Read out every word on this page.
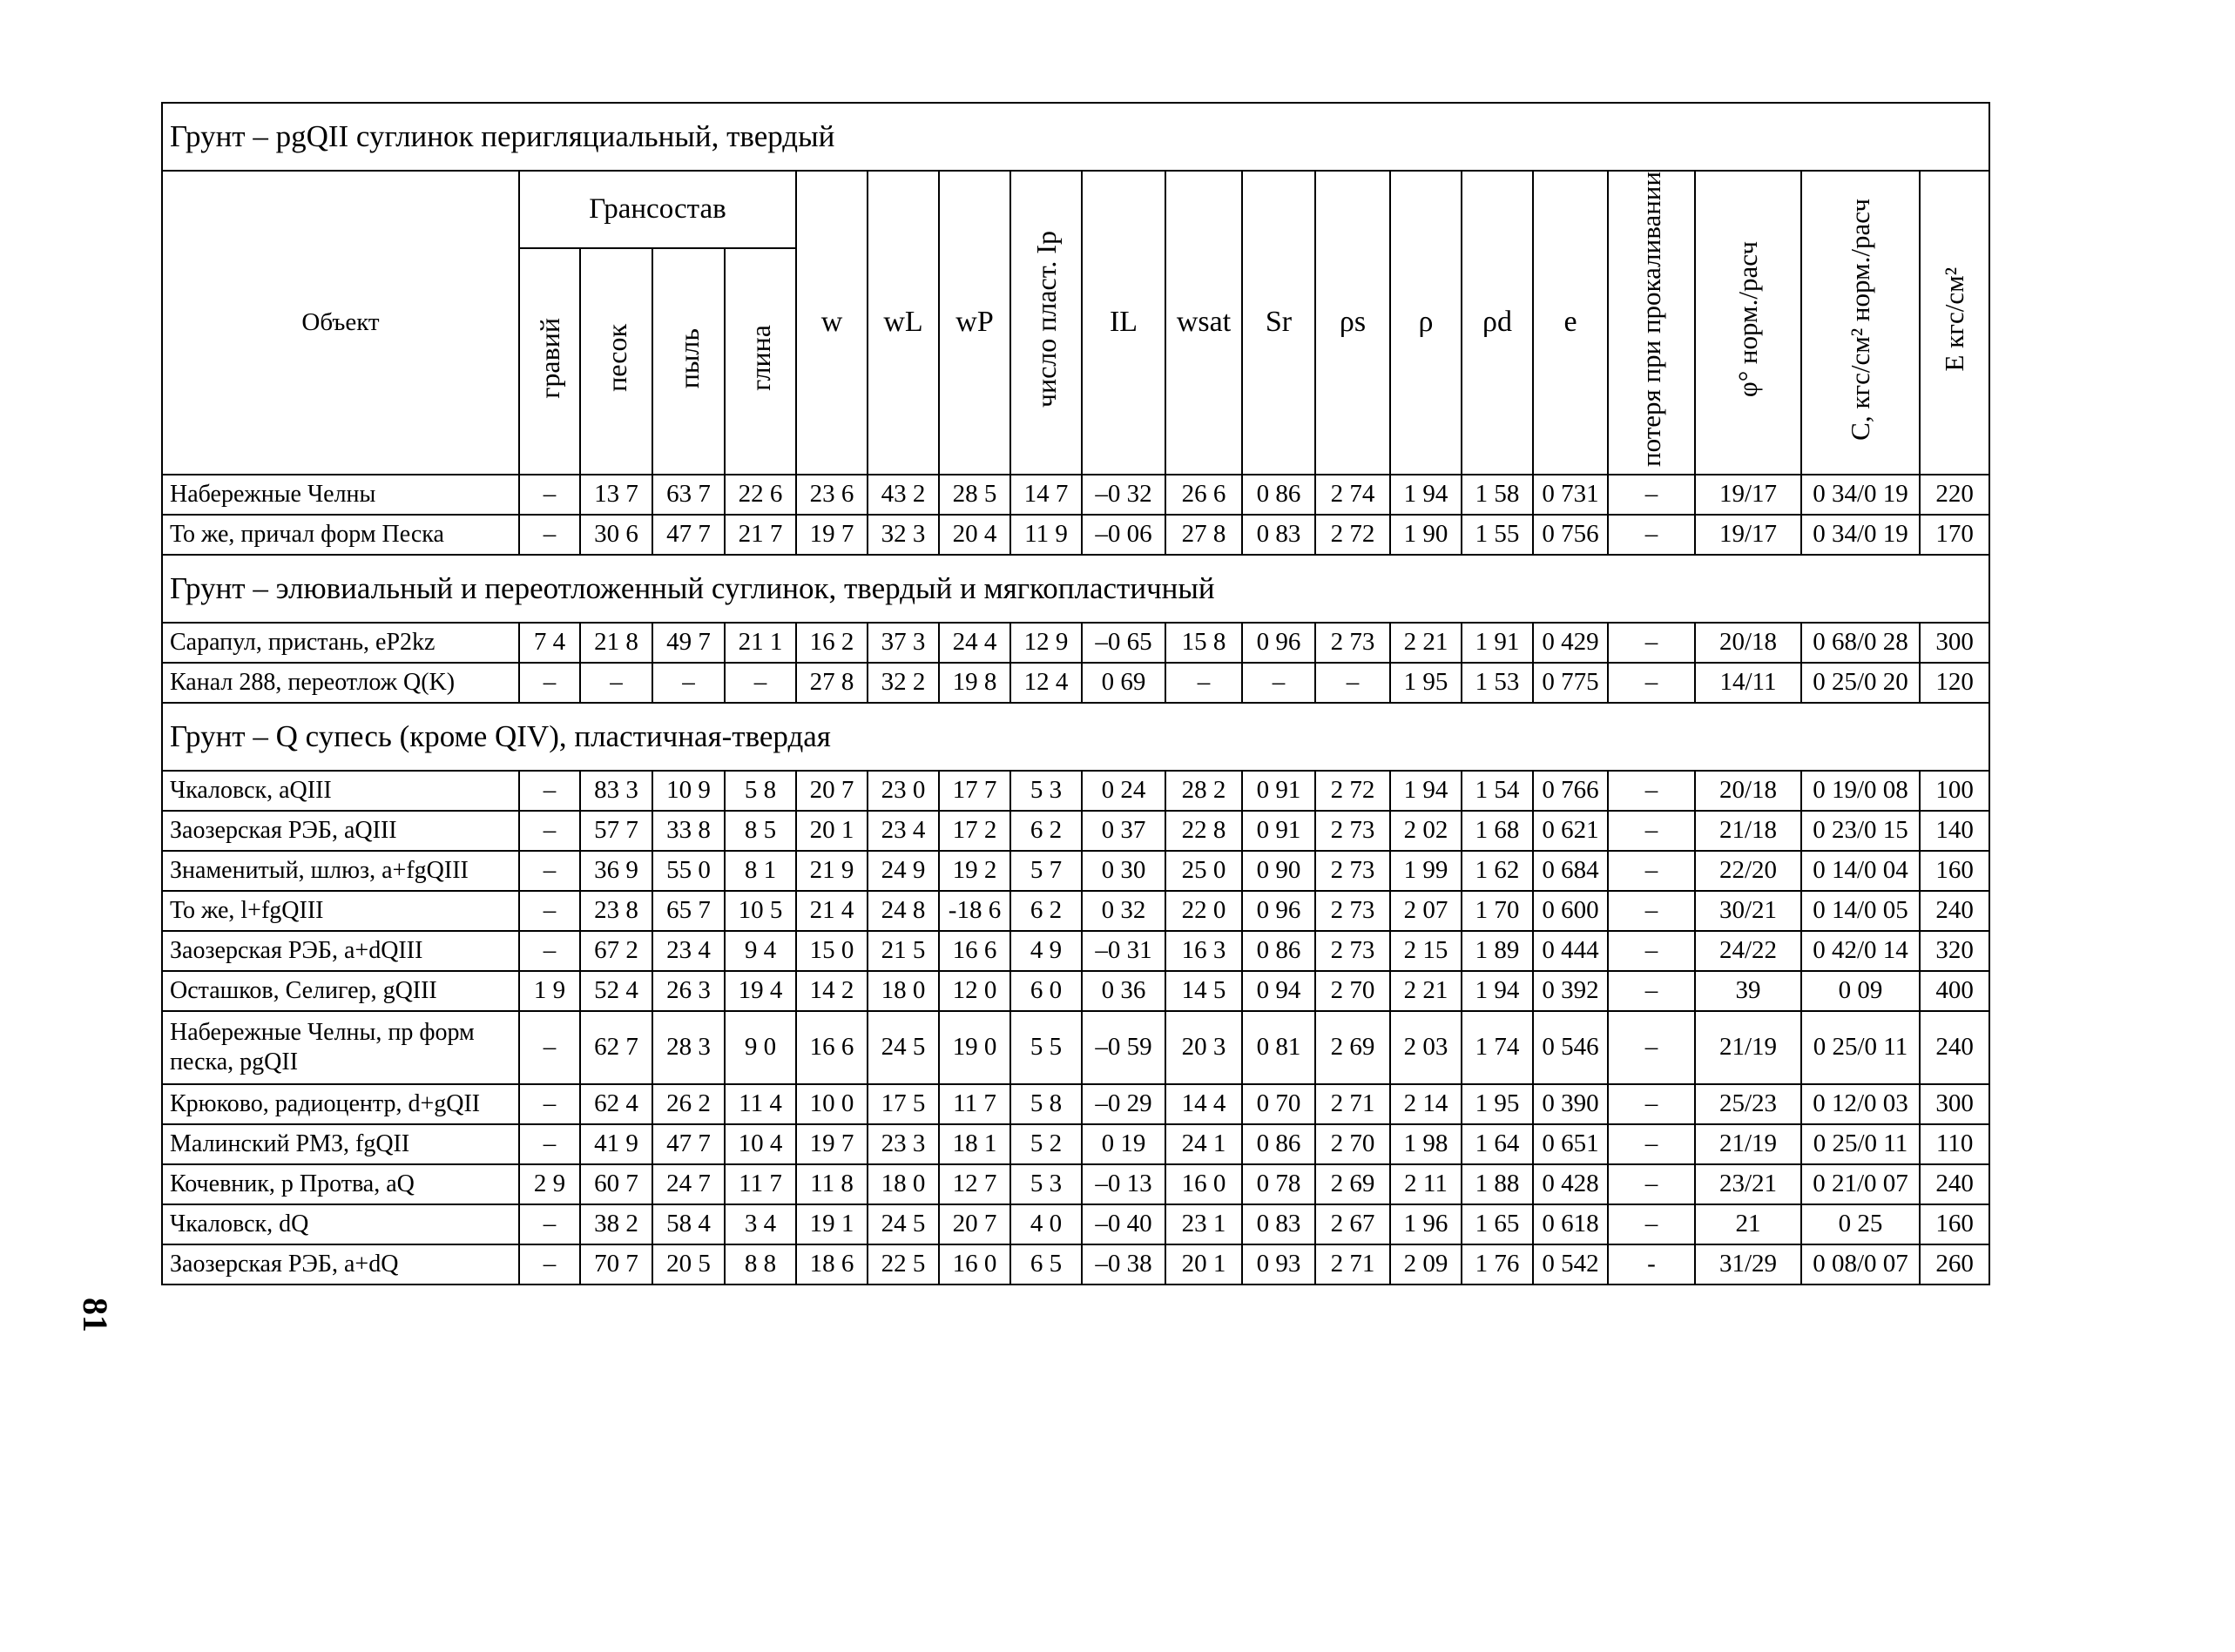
Грунт – pgQII суглинок перигляциальный, твердый																			
Объект	Грансостав				w	wL	wP	число пласт. Ip	IL	wsat	Sr	ρs	ρ	ρd	e	потеря при прокаливании	φ° норм./расч	C, кгс/см² норм./расч	E кгс/см²
	гравий	песок	пыль	глина															
Набережные Челны	–	13 7	63 7	22 6	23 6	43 2	28 5	14 7	–0 32	26 6	0 86	2 74	1 94	1 58	0 731	–	19/17	0 34/0 19	220
То же, причал форм Песка	–	30 6	47 7	21 7	19 7	32 3	20 4	11 9	–0 06	27 8	0 83	2 72	1 90	1 55	0 756	–	19/17	0 34/0 19	170
Грунт – элювиальный и переотложенный суглинок, твердый и мягкопластичный																			
Сарапул, пристань, eP2kz	7 4	21 8	49 7	21 1	16 2	37 3	24 4	12 9	–0 65	15 8	0 96	2 73	2 21	1 91	0 429	–	20/18	0 68/0 28	300
Канал 288, переотлож Q(K)	–	–	–	–	27 8	32 2	19 8	12 4	0 69	–	–	–	1 95	1 53	0 775	–	14/11	0 25/0 20	120
Грунт – Q супесь (кроме QIV), пластичная-твердая																			
Чкаловск, aQIII	–	83 3	10 9	5 8	20 7	23 0	17 7	5 3	0 24	28 2	0 91	2 72	1 94	1 54	0 766	–	20/18	0 19/0 08	100
Заозерская РЭБ, aQIII	–	57 7	33 8	8 5	20 1	23 4	17 2	6 2	0 37	22 8	0 91	2 73	2 02	1 68	0 621	–	21/18	0 23/0 15	140
Знаменитый, шлюз, a+fgQIII	–	36 9	55 0	8 1	21 9	24 9	19 2	5 7	0 30	25 0	0 90	2 73	1 99	1 62	0 684	–	22/20	0 14/0 04	160
То же, l+fgQIII	–	23 8	65 7	10 5	21 4	24 8	-18 6	6 2	0 32	22 0	0 96	2 73	2 07	1 70	0 600	–	30/21	0 14/0 05	240
Заозерская РЭБ, a+dQIII	–	67 2	23 4	9 4	15 0	21 5	16 6	4 9	–0 31	16 3	0 86	2 73	2 15	1 89	0 444	–	24/22	0 42/0 14	320
Осташков, Селигер, gQIII	1 9	52 4	26 3	19 4	14 2	18 0	12 0	6 0	0 36	14 5	0 94	2 70	2 21	1 94	0 392	–	39	0 09	400
Набережные Челны, пр форм песка, pgQII	–	62 7	28 3	9 0	16 6	24 5	19 0	5 5	–0 59	20 3	0 81	2 69	2 03	1 74	0 546	–	21/19	0 25/0 11	240
Крюково, радиоцентр, d+gQII	–	62 4	26 2	11 4	10 0	17 5	11 7	5 8	–0 29	14 4	0 70	2 71	2 14	1 95	0 390	–	25/23	0 12/0 03	300
Малинский РМЗ, fgQII	–	41 9	47 7	10 4	19 7	23 3	18 1	5 2	0 19	24 1	0 86	2 70	1 98	1 64	0 651	–	21/19	0 25/0 11	110
Кочевник, р Протва, aQ	2 9	60 7	24 7	11 7	11 8	18 0	12 7	5 3	–0 13	16 0	0 78	2 69	2 11	1 88	0 428	–	23/21	0 21/0 07	240
Чкаловск, dQ	–	38 2	58 4	3 4	19 1	24 5	20 7	4 0	–0 40	23 1	0 83	2 67	1 96	1 65	0 618	–	21	0 25	160
Заозерская РЭБ, a+dQ	–	70 7	20 5	8 8	18 6	22 5	16 0	6 5	–0 38	20 1	0 93	2 71	2 09	1 76	0 542	-	31/29	0 08/0 07	260
81
